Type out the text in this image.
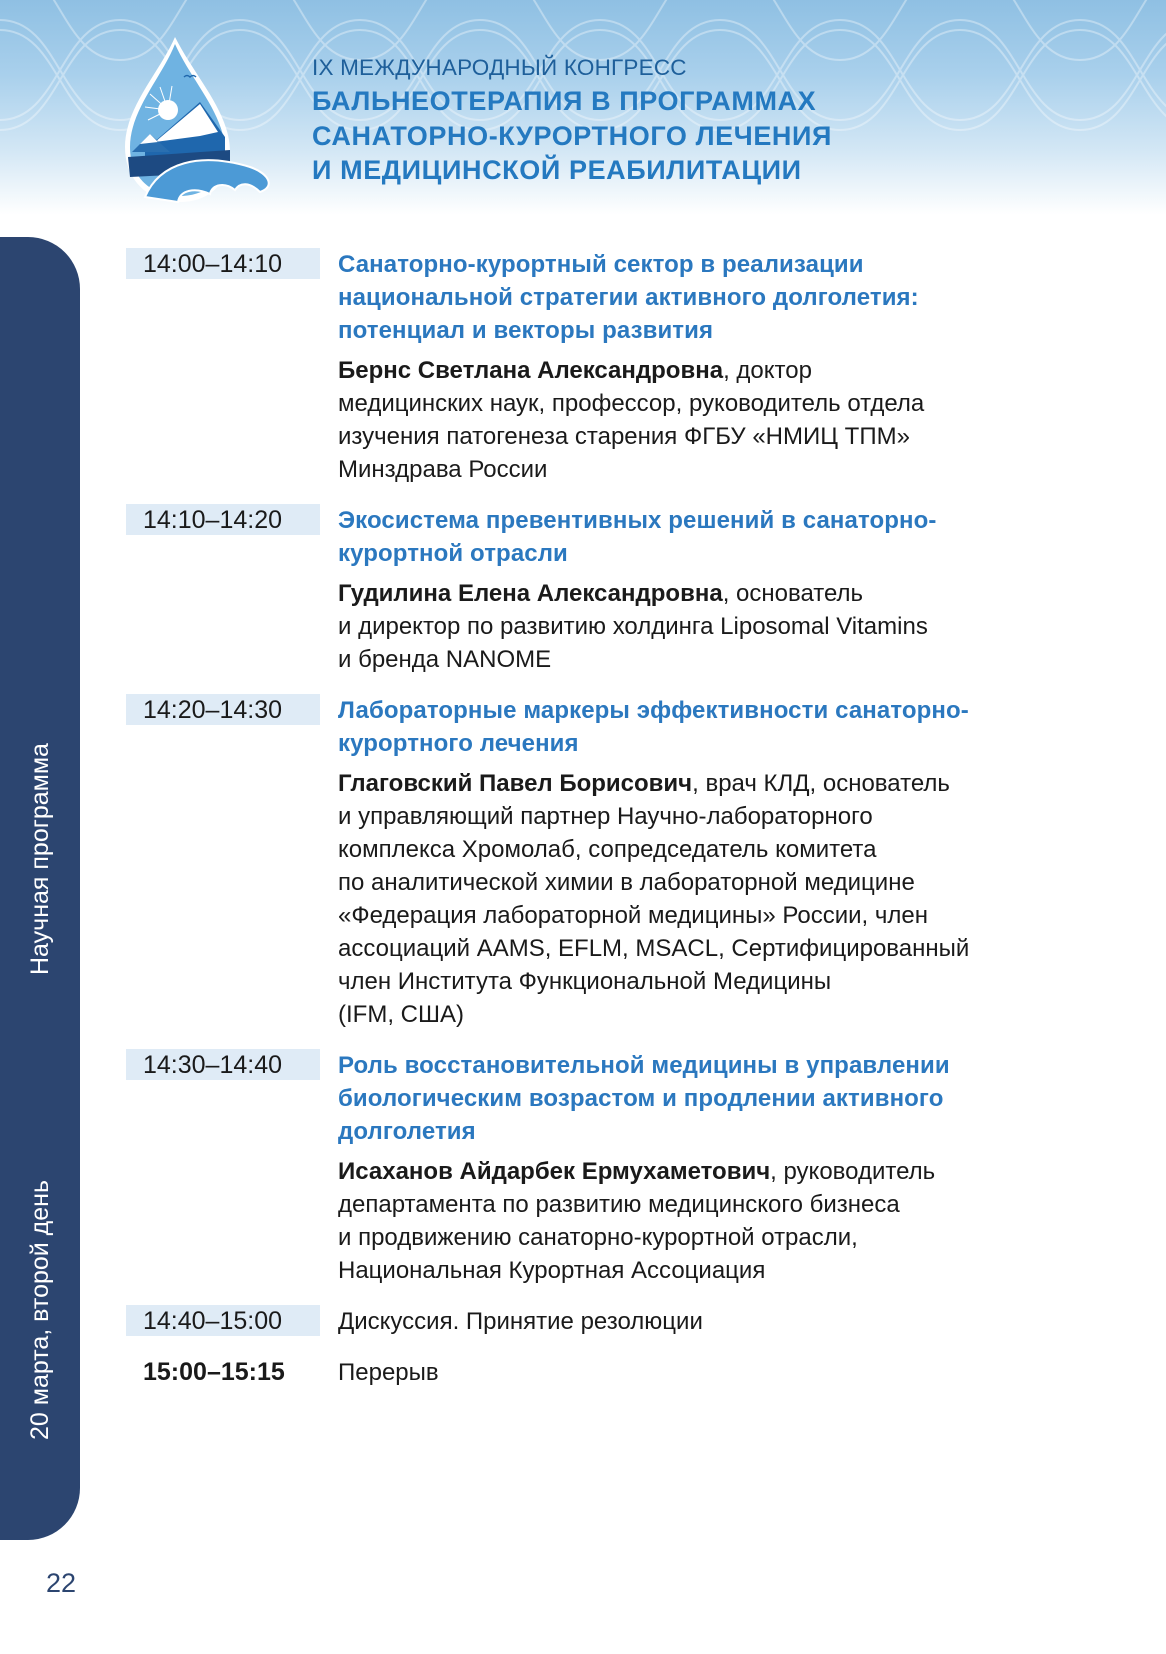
IX МЕЖДУНАРОДНЫЙ КОНГРЕСС
БАЛЬНЕОТЕРАПИЯ В ПРОГРАММАХ
САНАТОРНО-КУРОРТНОГО ЛЕЧЕНИЯ
И МЕДИЦИНСКОЙ РЕАБИЛИТАЦИИ
Научная программа
20 марта, второй день
14:00–14:10	Санаторно-курортный сектор в реализации
национальной стратегии активного долголетия:
потенциал и векторы развития
Бернс Светлана Александровна, доктор
медицинских наук, профессор, руководитель отдела
изучения патогенеза старения ФГБУ «НМИЦ ТПМ»
Минздрава России
14:10–14:20	Экосистема превентивных решений в санаторно-
курортной отрасли
Гудилина Елена Александровна, основатель
и директор по развитию холдинга Liposomal Vitamins
и бренда NANOME
14:20–14:30	Лабораторные маркеры эффективности санаторно-
курортного лечения
Глаговский Павел Борисович, врач КЛД, основатель
и управляющий партнер Научно-лабораторного
комплекса Хромолаб, сопредседатель комитета
по аналитической химии в лабораторной медицине
«Федерация лабораторной медицины» России, член
ассоциаций AAMS, EFLM, MSACL, Сертифицированный
член Института Функциональной Медицины
(IFM, США)
14:30–14:40	Роль восстановительной медицины в управлении
биологическим возрастом и продлении активного
долголетия
Исаханов Айдарбек Ермухаметович, руководитель
департамента по развитию медицинского бизнеса
и продвижению санаторно-курортной отрасли,
Национальная Курортная Ассоциация
14:40–15:00	Дискуссия. Принятие резолюции
15:00–15:15	Перерыв
22
